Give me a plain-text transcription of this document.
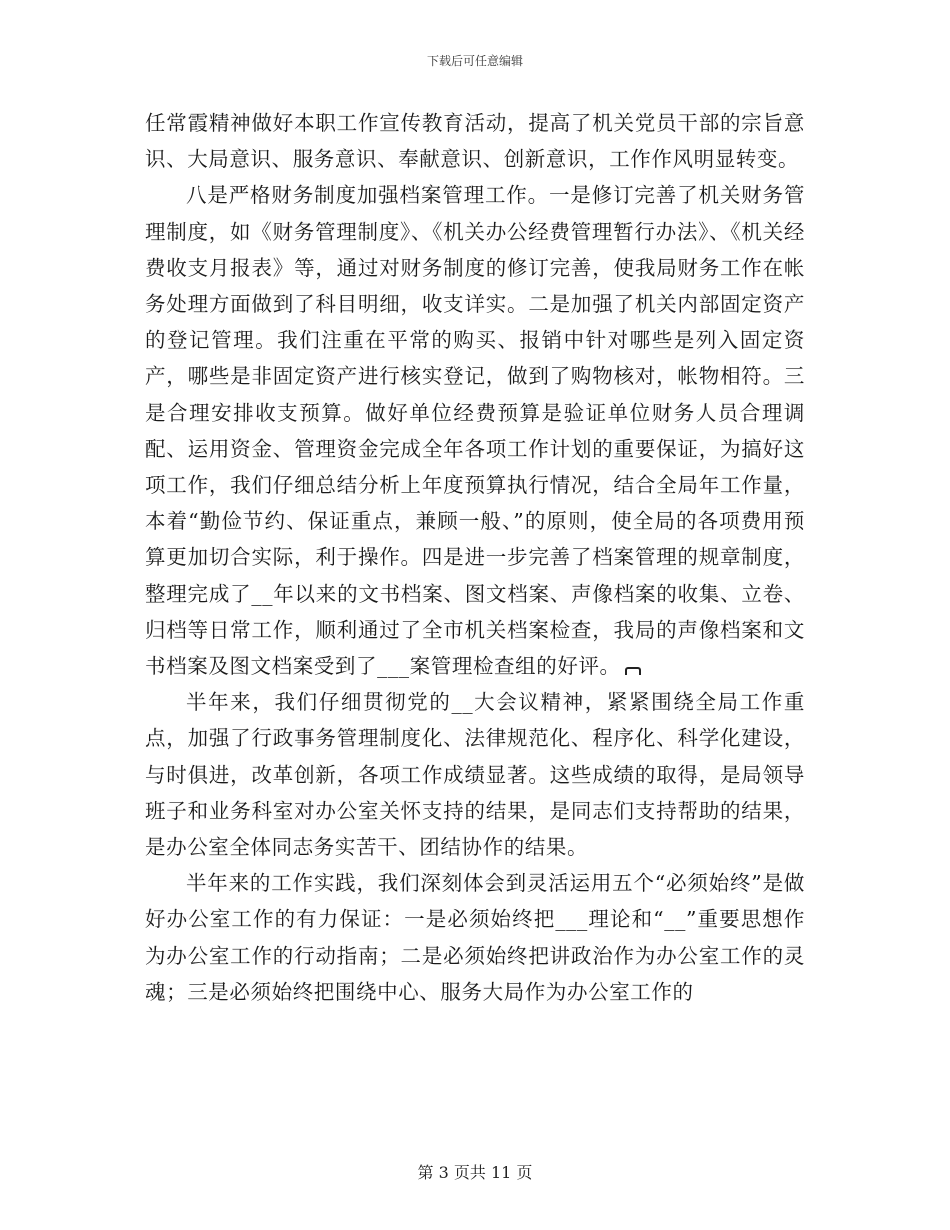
下载后可任意编辑

任常霞精神做好本职工作宣传教育活动，提高了机关党员干部的宗旨意识、大局意识、服务意识、奉献意识、创新意识，工作作风明显转变。

八是严格财务制度加强档案管理工作。一是修订完善了机关财务管理制度，如《财务管理制度》、《机关办公经费管理暂行办法》、《机关经费收支月报表》等，通过对财务制度的修订完善，使我局财务工作在帐务处理方面做到了科目明细，收支详实。二是加强了机关内部固定资产的登记管理。我们注重在平常的购买、报销中针对哪些是列入固定资产，哪些是非固定资产进行核实登记，做到了购物核对，帐物相符。三是合理安排收支预算。做好单位经费预算是验证单位财务人员合理调配、运用资金、管理资金完成全年各项工作计划的重要保证，为搞好这项工作，我们仔细总结分析上年度预算执行情况，结合全局年工作量，本着“勤俭节约、保证重点，兼顾一般、”的原则，使全局的各项费用预算更加切合实际，利于操作。四是进一步完善了档案管理的规章制度，整理完成了__年以来的文书档案、图文档案、声像档案的收集、立卷、归档等日常工作，顺利通过了全市机关档案检查，我局的声像档案和文书档案及图文档案受到了___案管理检查组的好评。

半年来，我们仔细贯彻党的__大会议精神，紧紧围绕全局工作重点，加强了行政事务管理制度化、法律规范化、程序化、科学化建设，与时俱进，改革创新，各项工作成绩显著。这些成绩的取得，是局领导班子和业务科室对办公室关怀支持的结果，是同志们支持帮助的结果，是办公室全体同志务实苦干、团结协作的结果。

半年来的工作实践，我们深刻体会到灵活运用五个“必须始终”是做好办公室工作的有力保证：一是必须始终把___理论和“__”重要思想作为办公室工作的行动指南；二是必须始终把讲政治作为办公室工作的灵魂；三是必须始终把围绕中心、服务大局作为办公室工作的

第 3 页共 11 页
